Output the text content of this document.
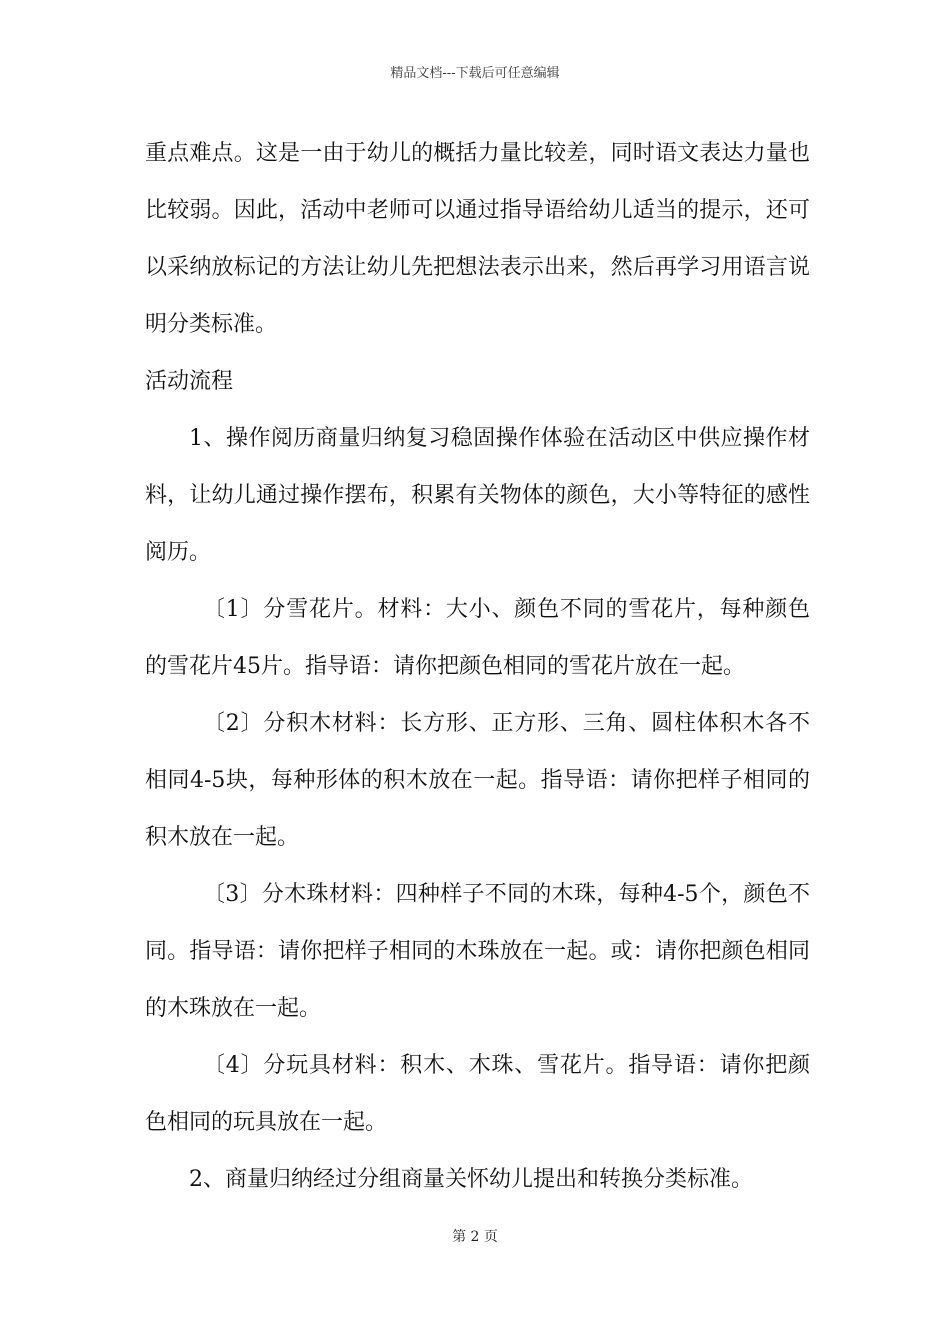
精品文档---下载后可任意编辑

重点难点。这是一由于幼儿的概括力量比较差，同时语文表达力量也比较弱。因此，活动中老师可以通过指导语给幼儿适当的提示，还可以采纳放标记的方法让幼儿先把想法表示出来，然后再学习用语言说明分类标准。

活动流程

1、操作阅历商量归纳复习稳固操作体验在活动区中供应操作材料，让幼儿通过操作摆布，积累有关物体的颜色，大小等特征的感性阅历。

〔1〕分雪花片。材料：大小、颜色不同的雪花片，每种颜色的雪花片45片。指导语：请你把颜色相同的雪花片放在一起。

〔2〕分积木材料：长方形、正方形、三角、圆柱体积木各不相同4-5块，每种形体的积木放在一起。指导语：请你把样子相同的积木放在一起。

〔3〕分木珠材料：四种样子不同的木珠，每种4-5个，颜色不同。指导语：请你把样子相同的木珠放在一起。或：请你把颜色相同的木珠放在一起。

〔4〕分玩具材料：积木、木珠、雪花片。指导语：请你把颜色相同的玩具放在一起。

2、商量归纳经过分组商量关怀幼儿提出和转换分类标准。

第 2 页
